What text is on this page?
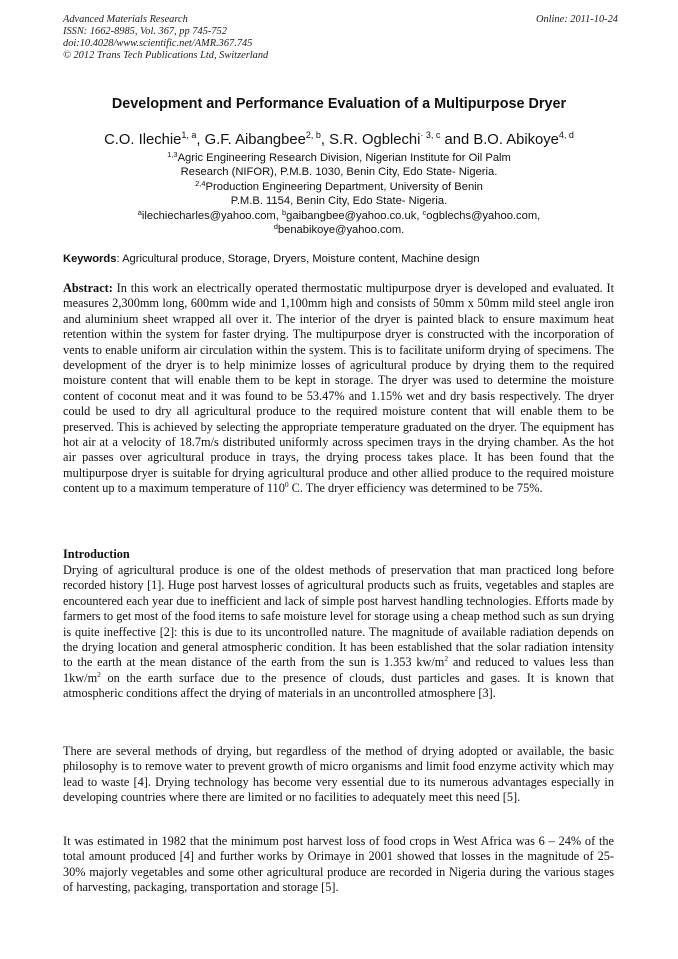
Advanced Materials Research
ISSN: 1662-8985, Vol. 367, pp 745-752
doi:10.4028/www.scientific.net/AMR.367.745
© 2012 Trans Tech Publications Ltd, Switzerland
Online: 2011-10-24
Development and Performance Evaluation of a Multipurpose Dryer
C.O. Ilechie$^{1, a}$, G.F. Aibangbee$^{2, b}$, S.R. Ogblechi$^{\cdot 3, c}$ and B.O. Abikoye$^{4, d}$
$^{1,3}$Agric Engineering Research Division, Nigerian Institute for Oil Palm
Research (NIFOR), P.M.B. 1030, Benin City, Edo State- Nigeria.
$^{2,4}$Production Engineering Department, University of Benin
P.M.B. 1154, Benin City, Edo State- Nigeria.
$^a$ilechiecharles@yahoo.com, $^b$gaibangbee@yahoo.co.uk, $^c$ogblechs@yahoo.com,
$^d$benabikoye@yahoo.com.
Keywords: Agricultural produce, Storage, Dryers, Moisture content, Machine design

Abstract: In this work an electrically operated thermostatic multipurpose dryer is developed and evaluated. It measures 2,300mm long, 600mm wide and 1,100mm high and consists of 50mm x 50mm mild steel angle iron and aluminium sheet wrapped all over it. The interior of the dryer is painted black to ensure maximum heat retention within the system for faster drying. The multipurpose dryer is constructed with the incorporation of vents to enable uniform air circulation within the system. This is to facilitate uniform drying of specimens. The development of the dryer is to help minimize losses of agricultural produce by drying them to the required moisture content that will enable them to be kept in storage. The dryer was used to determine the moisture content of coconut meat and it was found to be 53.47% and 1.15% wet and dry basis respectively. The dryer could be used to dry all agricultural produce to the required moisture content that will enable them to be preserved. This is achieved by selecting the appropriate temperature graduated on the dryer. The equipment has hot air at a velocity of 18.7m/s distributed uniformly across specimen trays in the drying chamber. As the hot air passes over agricultural produce in trays, the drying process takes place. It has been found that the multipurpose dryer is suitable for drying agricultural produce and other allied produce to the required moisture content up to a maximum temperature of $110^0$ C. The dryer efficiency was determined to be 75%.

Introduction

Drying of agricultural produce is one of the oldest methods of preservation that man practiced long before recorded history [1]. Huge post harvest losses of agricultural products such as fruits, vegetables and staples are encountered each year due to inefficient and lack of simple post harvest handling technologies. Efforts made by farmers to get most of the food items to safe moisture level for storage using a cheap method such as sun drying is quite ineffective [2]: this is due to its uncontrolled nature. The magnitude of available radiation depends on the drying location and general atmospheric condition. It has been established that the solar radiation intensity to the earth at the mean distance of the earth from the sun is 1.353 $kw/m^2$ and reduced to values less than $1kw/m^2$ on the earth surface due to the presence of clouds, dust particles and gases. It is known that atmospheric conditions affect the drying of materials in an uncontrolled atmosphere [3].

There are several methods of drying, but regardless of the method of drying adopted or available, the basic philosophy is to remove water to prevent growth of micro organisms and limit food enzyme activity which may lead to waste [4]. Drying technology has become very essential due to its numerous advantages especially in developing countries where there are limited or no facilities to adequately meet this need [5].

It was estimated in 1982 that the minimum post harvest loss of food crops in West Africa was 6 – 24% of the total amount produced [4] and further works by Orimaye in 2001 showed that losses in the magnitude of 25-30% majorly vegetables and some other agricultural produce are recorded in Nigeria during the various stages of harvesting, packaging, transportation and storage [5].
